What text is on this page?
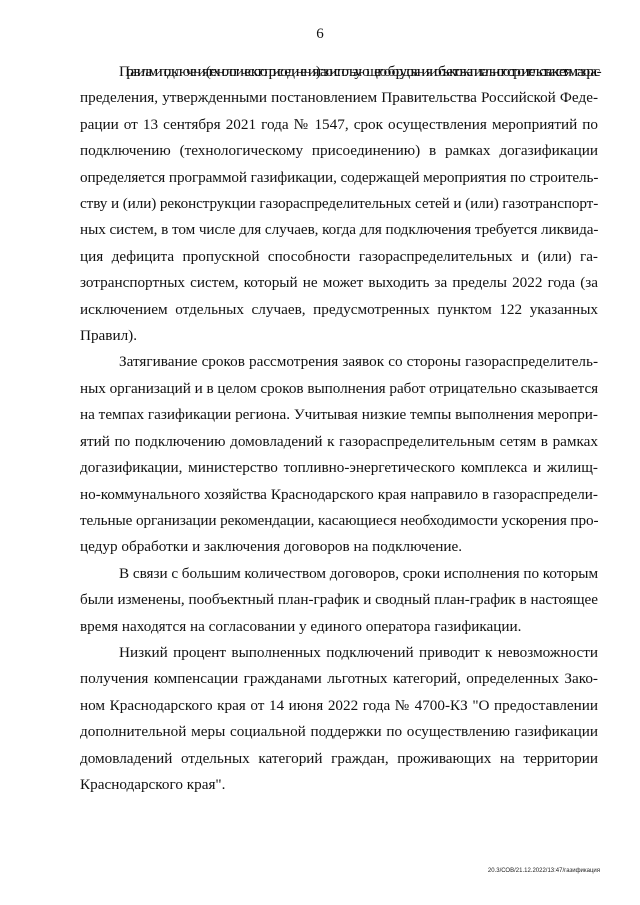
6

Правилами подключения (технологического присоединения) газоиспользующего оборудования и объектов капитального строительства к сетям газорас-
пределения, утвержденными постановлением Правительства Российской Феде-
рации от 13 сентября 2021 года № 1547, срок осуществления мероприятий по
подключению (технологическому присоединению) в рамках догазификации
определяется программой газификации, содержащей мероприятия по строитель-
ству и (или) реконструкции газораспределительных сетей и (или) газотранспорт-
ных систем, в том числе для случаев, когда для подключения требуется ликвида-
ция дефицита пропускной способности газораспределительных и (или) га-
зотранспортных систем, который не может выходить за пределы 2022 года (за
исключением отдельных случаев, предусмотренных пунктом 122 указанных
Правил).

Затягивание сроков рассмотрения заявок со стороны газораспределитель-
ных организаций и в целом сроков выполнения работ отрицательно сказывается
на темпах газификации региона. Учитывая низкие темпы выполнения меропри-
ятий по подключению домовладений к газораспределительным сетям в рамках
догазификации, министерство топливно-энергетического комплекса и жилищ-
но-коммунального хозяйства Краснодарского края направило в газораспредели-
тельные организации рекомендации, касающиеся необходимости ускорения про-
цедур обработки и заключения договоров на подключение.

В связи с большим количеством договоров, сроки исполнения по которым
были изменены, пообъектный план-график и сводный план-график в настоящее
время находятся на согласовании у единого оператора газификации.

Низкий процент выполненных подключений приводит к невозможности
получения компенсации гражданами льготных категорий, определенных Зако-
ном Краснодарского края от 14 июня 2022 года № 4700-КЗ "О предоставлении
дополнительной меры социальной поддержки по осуществлению газификации
домовладений отдельных категорий граждан, проживающих на территории
Краснодарского края".

20.3/СОВ/21.12.2022/13:47/газификация
